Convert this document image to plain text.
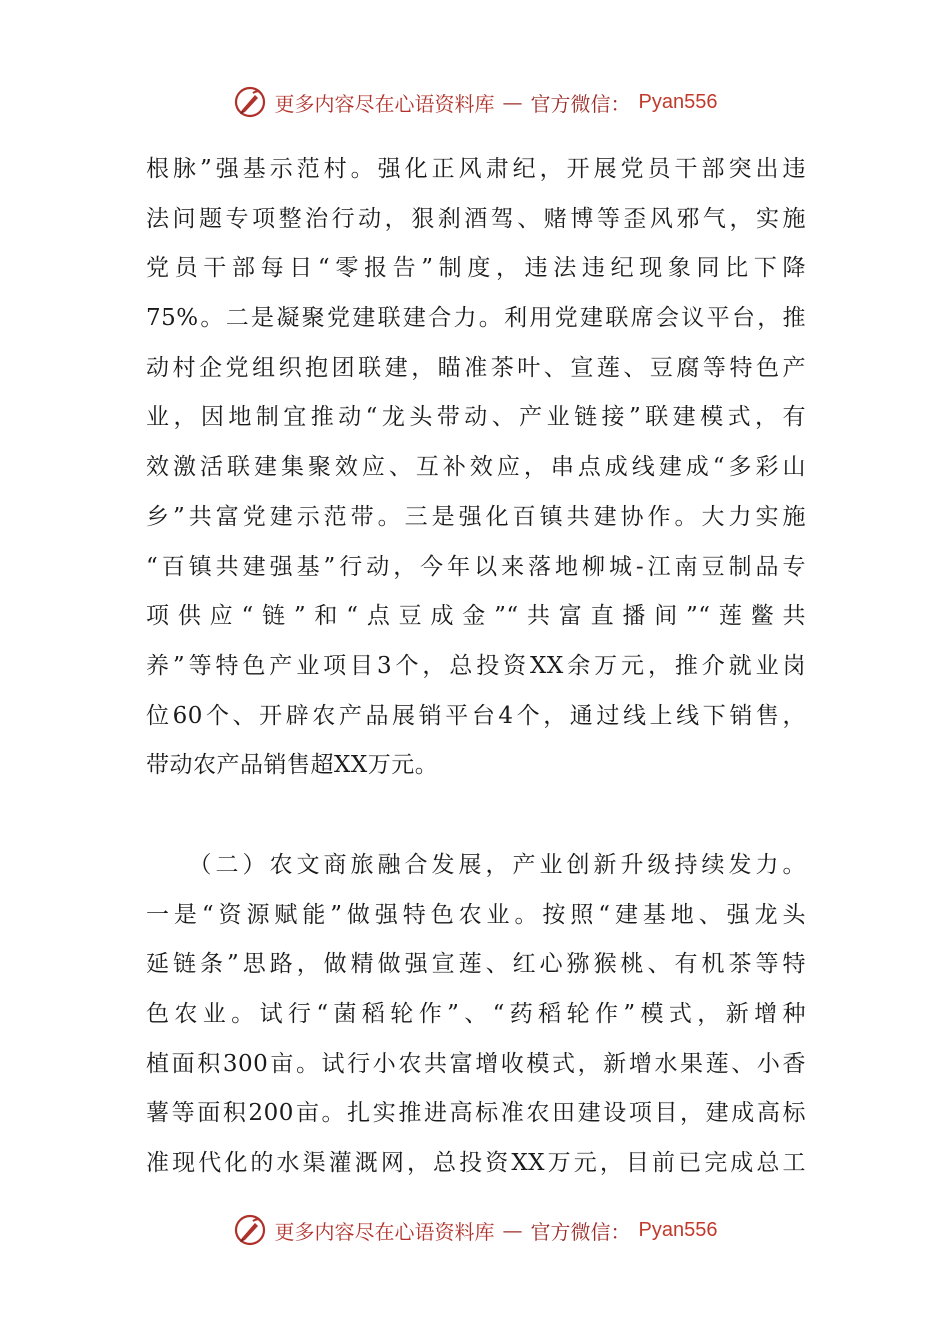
更多内容尽在心语资料库 — 官方微信： Pyan556
根脉”强基示范村。强化正风肃纪，开展党员干部突出违
法问题专项整治行动，狠刹酒驾、赌博等歪风邪气，实施
党员干部每日“零报告”制度，违法违纪现象同比下降
75%。二是凝聚党建联建合力。利用党建联席会议平台，推
动村企党组织抱团联建，瞄准茶叶、宣莲、豆腐等特色产
业，因地制宜推动“龙头带动、产业链接”联建模式，有
效激活联建集聚效应、互补效应，串点成线建成“多彩山
乡”共富党建示范带。三是强化百镇共建协作。大力实施
“百镇共建强基”行动，今年以来落地柳城-江南豆制品专
项供应“链”和“点豆成金”“共富直播间”“莲鳖共
养”等特色产业项目3个，总投资XX余万元，推介就业岗
位60个、开辟农产品展销平台4个，通过线上线下销售，
带动农产品销售超XX万元。
　　（二）农文商旅融合发展，产业创新升级持续发力。
一是“资源赋能”做强特色农业。按照“建基地、强龙头
延链条”思路，做精做强宣莲、红心猕猴桃、有机茶等特
色农业。试行“菌稻轮作”、“药稻轮作”模式，新增种
植面积300亩。试行小农共富增收模式，新增水果莲、小香
薯等面积200亩。扎实推进高标准农田建设项目，建成高标
准现代化的水渠灌溉网，总投资XX万元，目前已完成总工
更多内容尽在心语资料库 — 官方微信： Pyan556
